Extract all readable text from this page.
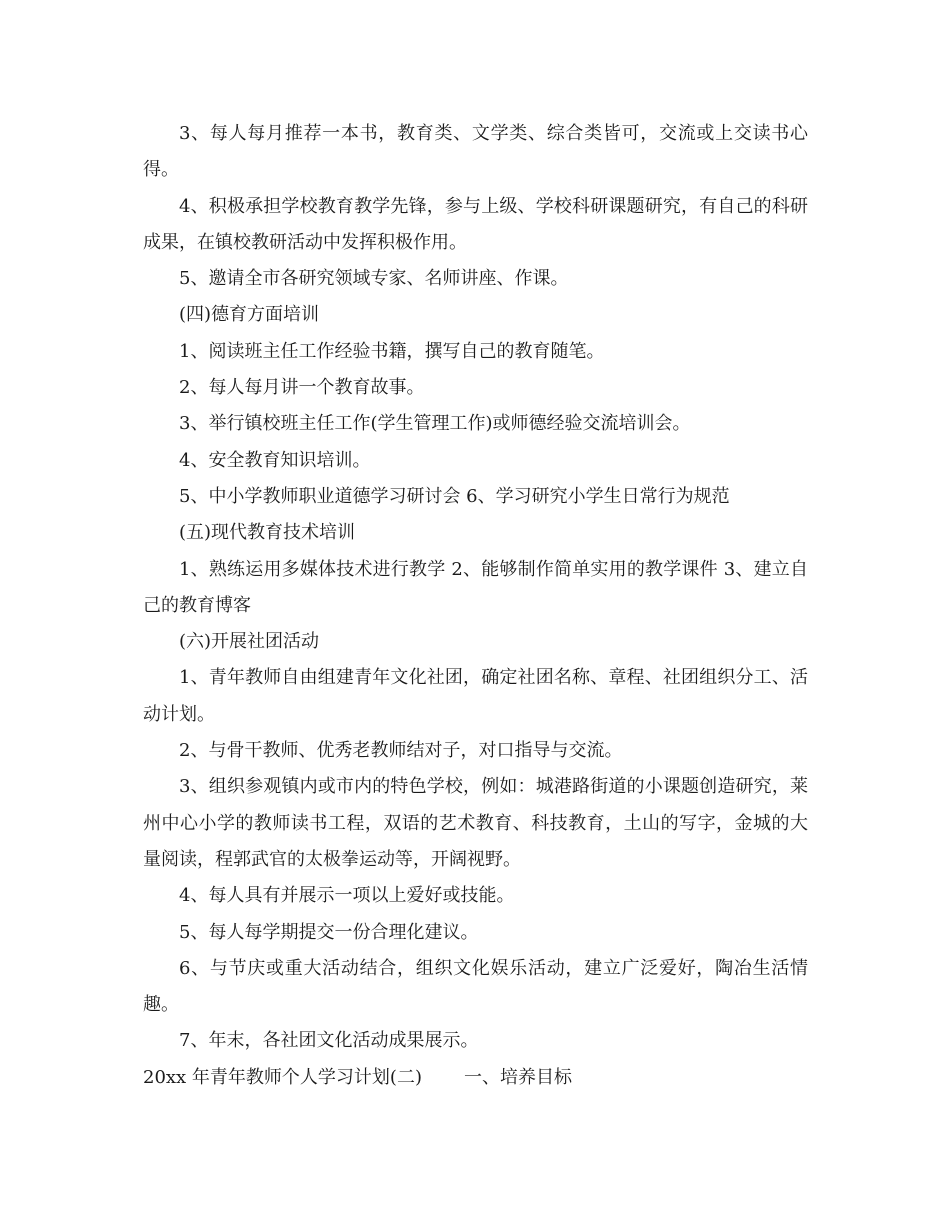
3、每人每月推荐一本书，教育类、文学类、综合类皆可，交流或上交读书心得。

4、积极承担学校教育教学先锋，参与上级、学校科研课题研究，有自己的科研成果，在镇校教研活动中发挥积极作用。

5、邀请全市各研究领域专家、名师讲座、作课。

(四)德育方面培训

1、阅读班主任工作经验书籍，撰写自己的教育随笔。

2、每人每月讲一个教育故事。

3、举行镇校班主任工作(学生管理工作)或师德经验交流培训会。

4、安全教育知识培训。

5、中小学教师职业道德学习研讨会 6、学习研究小学生日常行为规范

(五)现代教育技术培训

1、熟练运用多媒体技术进行教学 2、能够制作简单实用的教学课件 3、建立自己的教育博客

(六)开展社团活动

1、青年教师自由组建青年文化社团，确定社团名称、章程、社团组织分工、活动计划。

2、与骨干教师、优秀老教师结对子，对口指导与交流。

3、组织参观镇内或市内的特色学校，例如：城港路街道的小课题创造研究，莱州中心小学的教师读书工程，双语的艺术教育、科技教育，土山的写字，金城的大量阅读，程郭武官的太极拳运动等，开阔视野。

4、每人具有并展示一项以上爱好或技能。

5、每人每学期提交一份合理化建议。

6、与节庆或重大活动结合，组织文化娱乐活动，建立广泛爱好，陶冶生活情趣。

7、年末，各社团文化活动成果展示。

20xx 年青年教师个人学习计划(二) 一、培养目标
